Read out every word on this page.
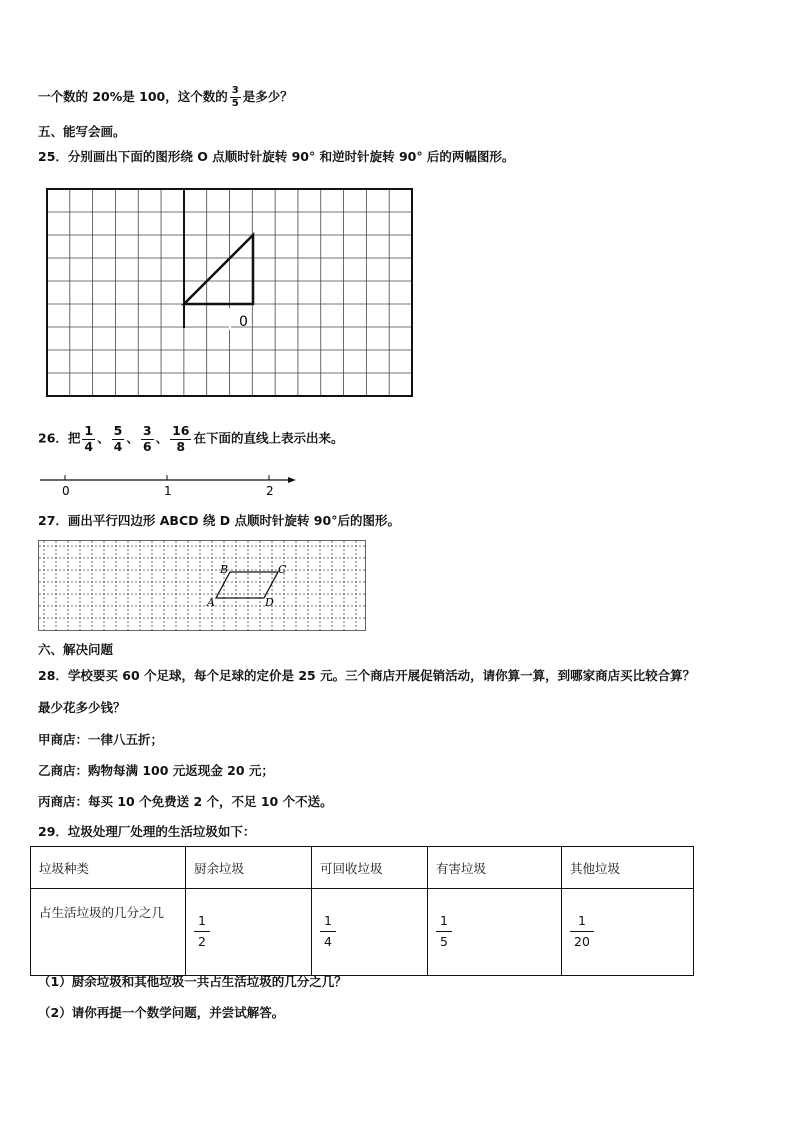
一个数的 20%是 100，这个数的 $\frac{3}{5}$ 是多少？
五、能写会画。
25．分别画出下面的图形绕 O 点顺时针旋转 90° 和逆时针旋转 90° 后的两幅图形。
0
26．把 $\frac{1}{4}$ 、 $\frac{5}{4}$ 、 $\frac{3}{6}$ 、 $\frac{16}{8}$ 在下面的直线上表示出来。
0	1	2
27．画出平行四边形 ABCD 绕 D 点顺时针旋转 90°后的图形。
B	C
A	D
六、解决问题
28．学校要买 60 个足球，每个足球的定价是 25 元。三个商店开展促销活动，请你算一算，到哪家商店买比较合算？
最少花多少钱？
甲商店：一律八五折；
乙商店：购物每满 100 元返现金 20 元；
丙商店：每买 10 个免费送 2 个，不足 10 个不送。
29．垃圾处理厂处理的生活垃圾如下：
垃圾种类	厨余垃圾	可回收垃圾	有害垃圾	其他垃圾
占生活垃圾的几分之几	$\frac{1}{2}$	$\frac{1}{4}$	$\frac{1}{5}$	$\frac{1}{20}$
（1）厨余垃圾和其他垃圾一共占生活垃圾的几分之几？
（2）请你再提一个数学问题，并尝试解答。
